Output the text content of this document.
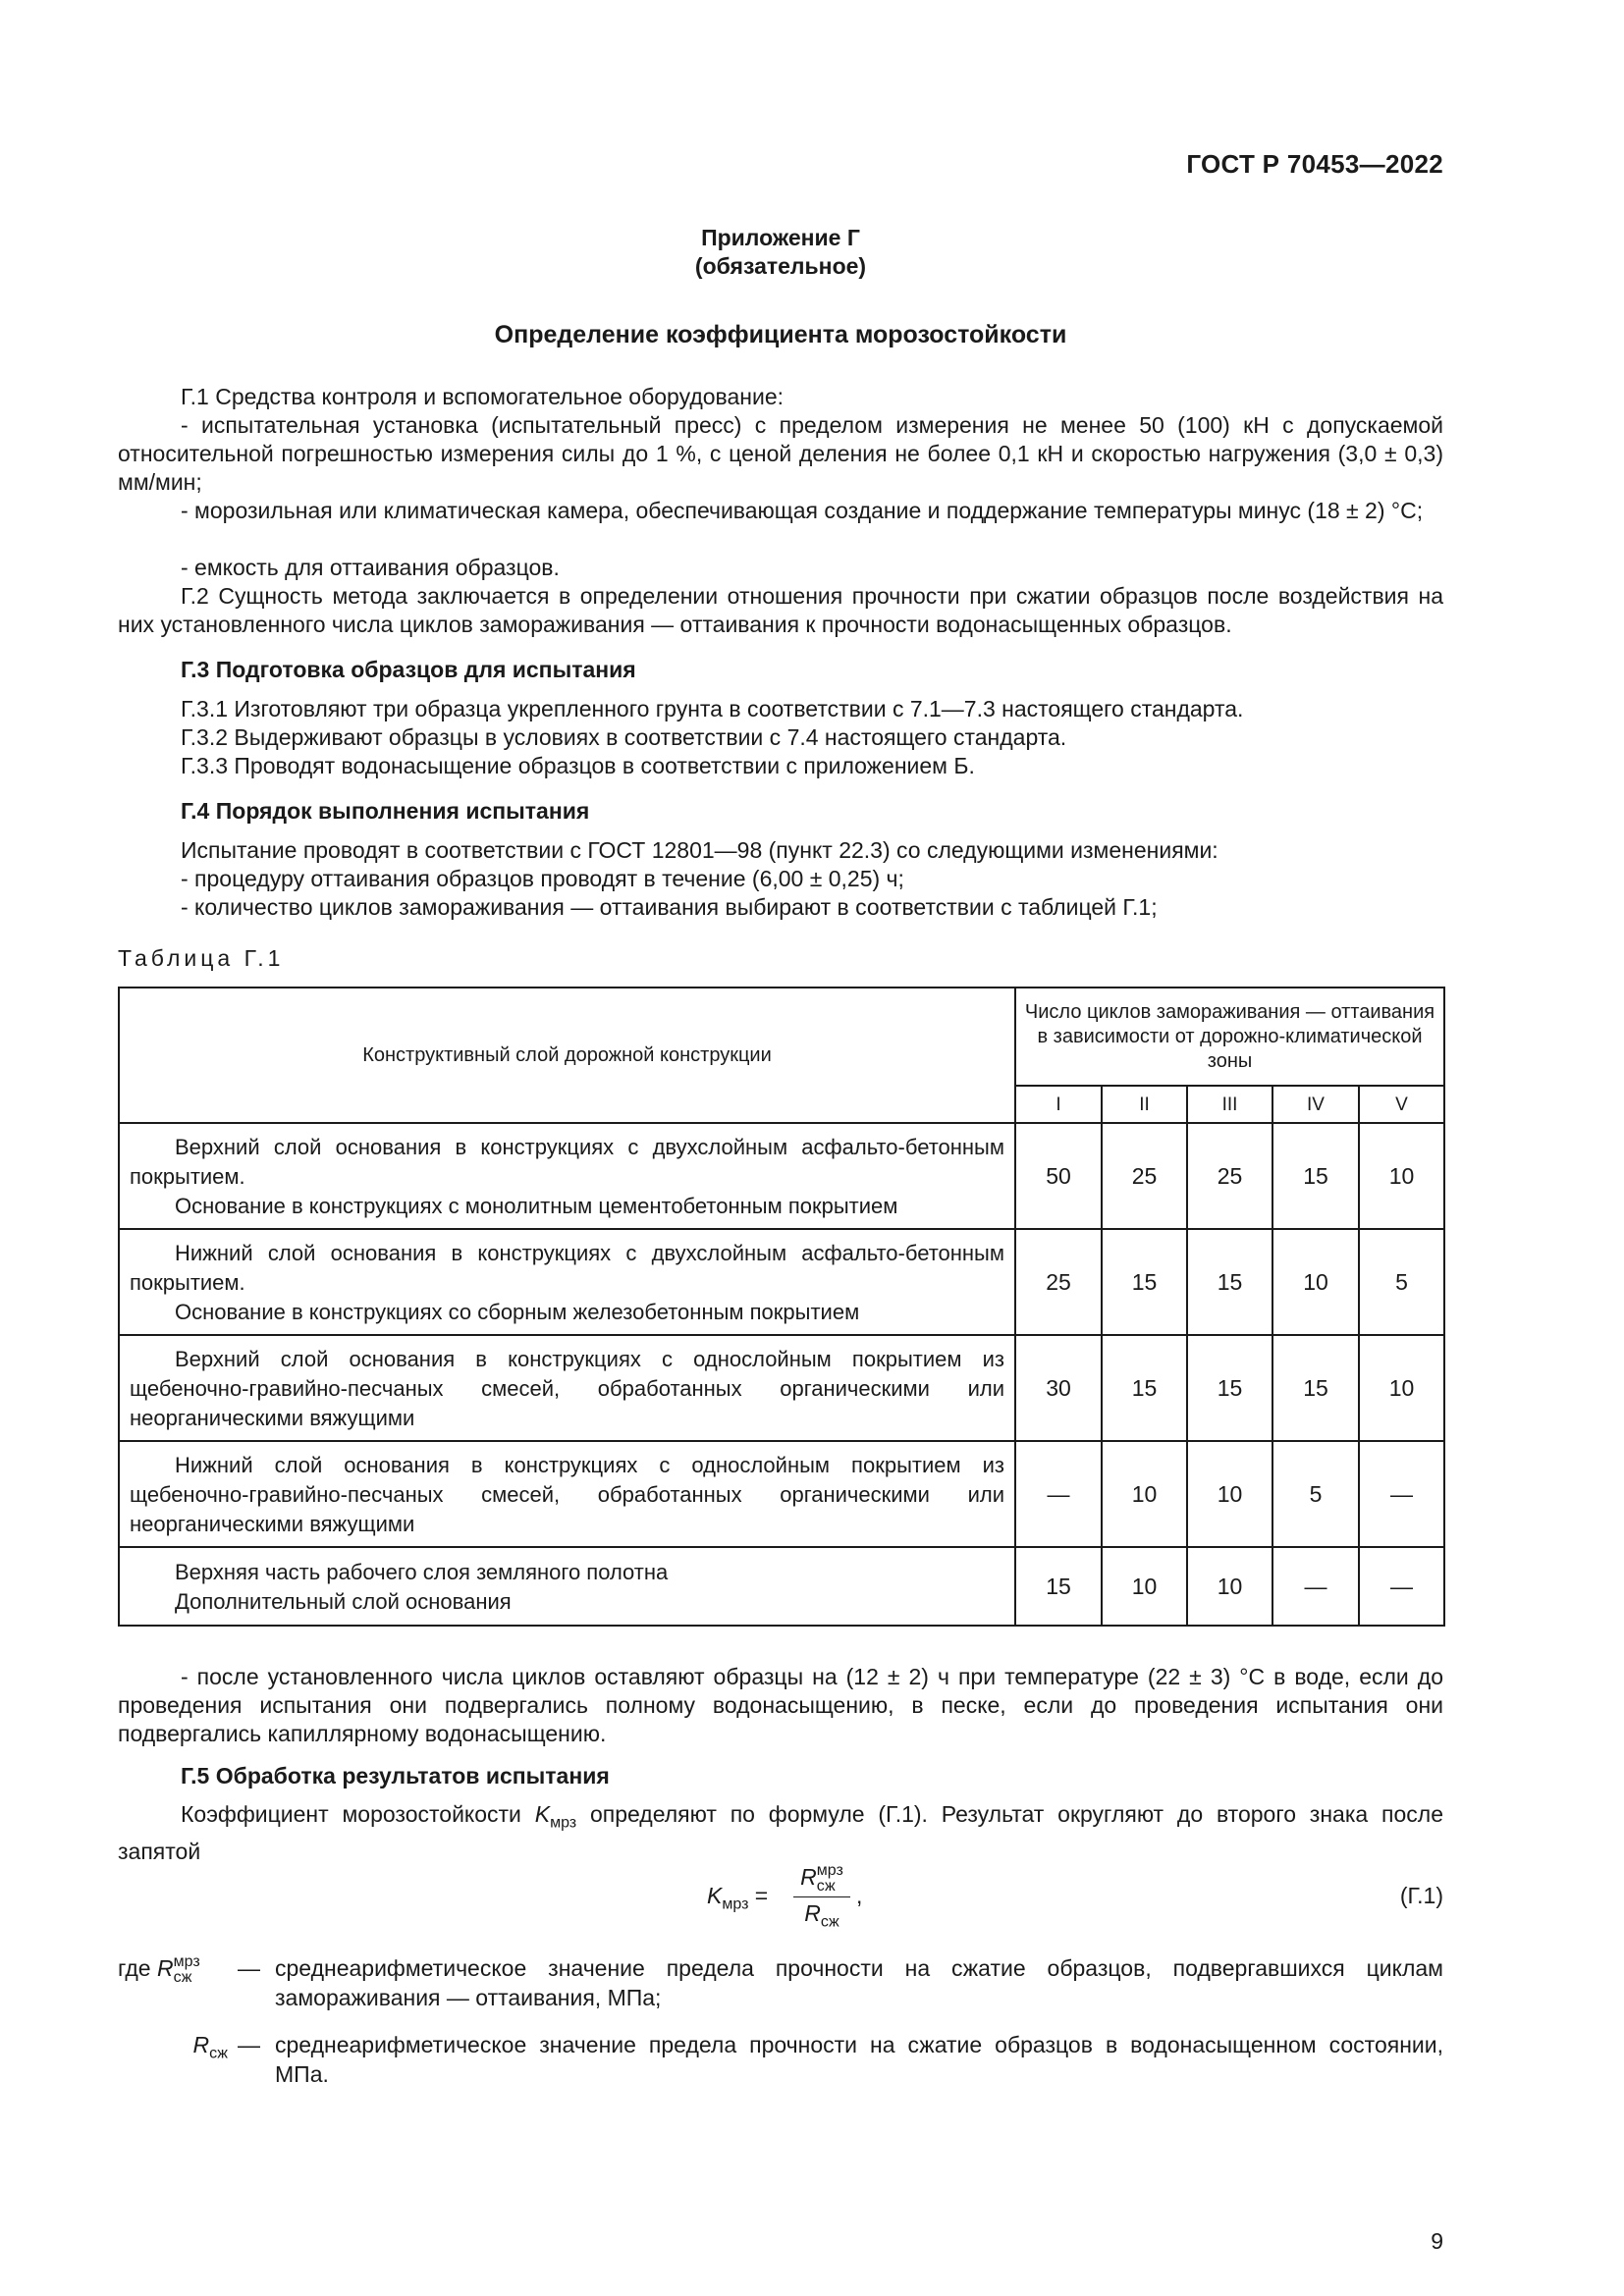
ГОСТ Р 70453—2022
Приложение Г
(обязательное)
Определение коэффициента морозостойкости

Г.1 Средства контроля и вспомогательное оборудование:

- испытательная установка (испытательный пресс) с пределом измерения не менее 50 (100) кН с допускаемой относительной погрешностью измерения силы до 1 %, с ценой деления не более 0,1 кН и скоростью нагружения (3,0 ± 0,3) мм/мин;

- морозильная или климатическая камера, обеспечивающая создание и поддержание температуры минус (18 ± 2) °С;

- емкость для оттаивания образцов.

Г.2 Сущность метода заключается в определении отношения прочности при сжатии образцов после воздействия на них установленного числа циклов замораживания — оттаивания к прочности водонасыщенных образцов.

Г.3 Подготовка образцов для испытания

Г.3.1 Изготовляют три образца укрепленного грунта в соответствии с 7.1—7.3 настоящего стандарта.

Г.3.2 Выдерживают образцы в условиях в соответствии с 7.4 настоящего стандарта.

Г.3.3 Проводят водонасыщение образцов в соответствии с приложением Б.

Г.4 Порядок выполнения испытания

Испытание проводят в соответствии с ГОСТ 12801—98 (пункт 22.3) со следующими изменениями:

- процедуру оттаивания образцов проводят в течение (6,00 ± 0,25) ч;

- количество циклов замораживания — оттаивания выбирают в соответствии с таблицей Г.1;

Таблица Г.1
Конструктивный слой дорожной конструкции	Число циклов замораживания — оттаивания в зависимости от дорожно-климатической зоны				
	I	II	III	IV	V

Верхний слой основания в конструкциях с двухслойным асфальто-бетонным покрытием.
Основание в конструкциях с монолитным цементобетонным покрытием	50	25	25	15	10

Нижний слой основания в конструкциях с двухслойным асфальто-бетонным покрытием.
Основание в конструкциях со сборным железобетонным покрытием	25	15	15	10	5

Верхний слой основания в конструкциях с однослойным покрытием из щебеночно-гравийно-песчаных смесей, обработанных органическими или неорганическими вяжущими	30	15	15	15	10

Нижний слой основания в конструкциях с однослойным покрытием из щебеночно-гравийно-песчаных смесей, обработанных органическими или неорганическими вяжущими	—	10	10	5	—

Верхняя часть рабочего слоя земляного полотна
Дополнительный слой основания	15	10	10	—	—

- после установленного числа циклов оставляют образцы на (12 ± 2) ч при температуре (22 ± 3) °С в воде, если до проведения испытания они подвергались полному водонасыщению, в песке, если до проведения испытания они подвергались капиллярному водонасыщению.

Г.5 Обработка результатов испытания

Коэффициент морозостойкости $K_{мрз}$ определяют по формуле (Г.1). Результат округляют до второго знака после запятой

$K_{мрз}$ =
R мрз
сж
$R_{сж}$
,	(Г.1)
где R мрз
сж	— среднеарифметическое значение предела прочности на сжатие образцов, подвергавшихся циклам замораживания — оттаивания, МПа;
$R_{сж}$ — среднеарифметическое значение предела прочности на сжатие образцов в водонасыщенном состоянии, МПа.
9
